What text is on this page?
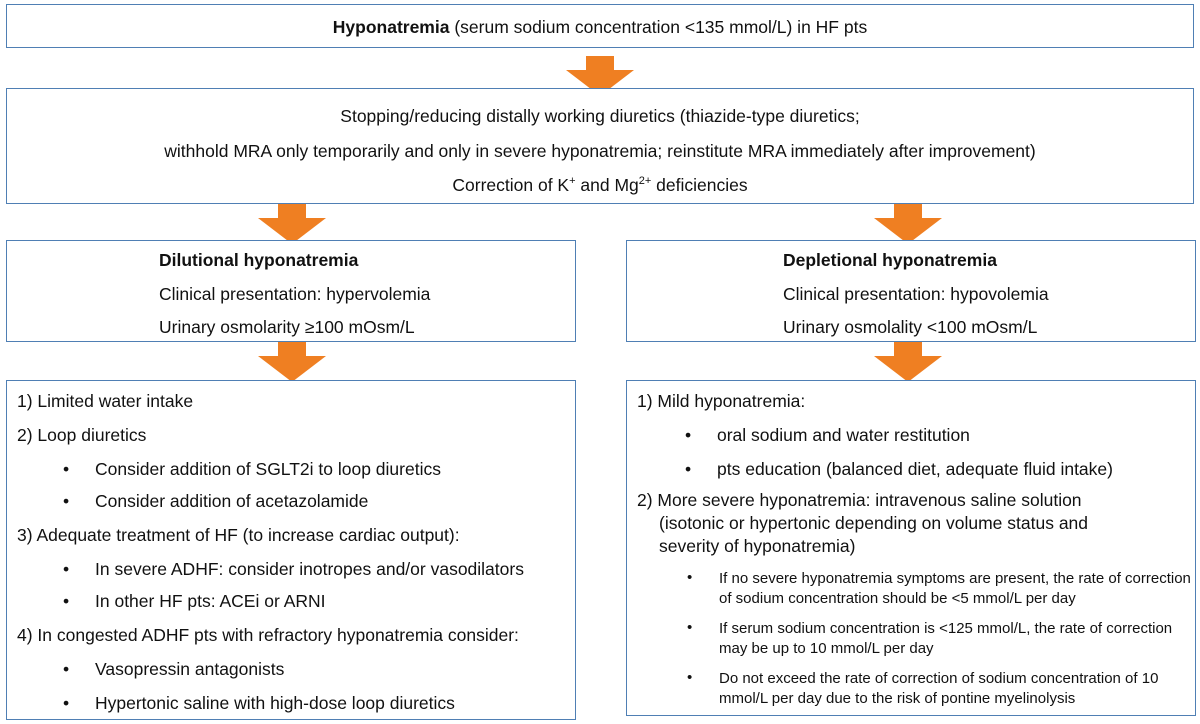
Hyponatremia (serum sodium concentration <135 mmol/L) in HF pts
Stopping/reducing distally working diuretics (thiazide-type diuretics;
withhold MRA only temporarily and only in severe hyponatremia; reinstitute MRA immediately after improvement)
Correction of K+ and $Mg^{2+}$ deficiencies
Dilutional hyponatremia
Clinical presentation: hypervolemia
Urinary osmolarity ≥100 mOsm/L
Depletional hyponatremia
Clinical presentation: hypovolemia
Urinary osmolality <100 mOsm/L
1) Limited water intake
2) Loop diuretics
• Consider addition of SGLT2i to loop diuretics
• Consider addition of acetazolamide
3) Adequate treatment of HF (to increase cardiac output):
• In severe ADHF: consider inotropes and/or vasodilators
• In other HF pts: ACEi or ARNI
4) In congested ADHF pts with refractory hyponatremia consider:
• Vasopressin antagonists
• Hypertonic saline with high-dose loop diuretics
1) Mild hyponatremia:
• oral sodium and water restitution
• pts education (balanced diet, adequate fluid intake)
2) More severe hyponatremia: intravenous saline solution
(isotonic or hypertonic depending on volume status and
severity of hyponatremia)
• If no severe hyponatremia symptoms are present, the rate of correction of sodium concentration should be <5 mmol/L per day
• If serum sodium concentration is <125 mmol/L, the rate of correction may be up to 10 mmol/L per day
• Do not exceed the rate of correction of sodium concentration of 10 mmol/L per day due to the risk of pontine myelinolysis
